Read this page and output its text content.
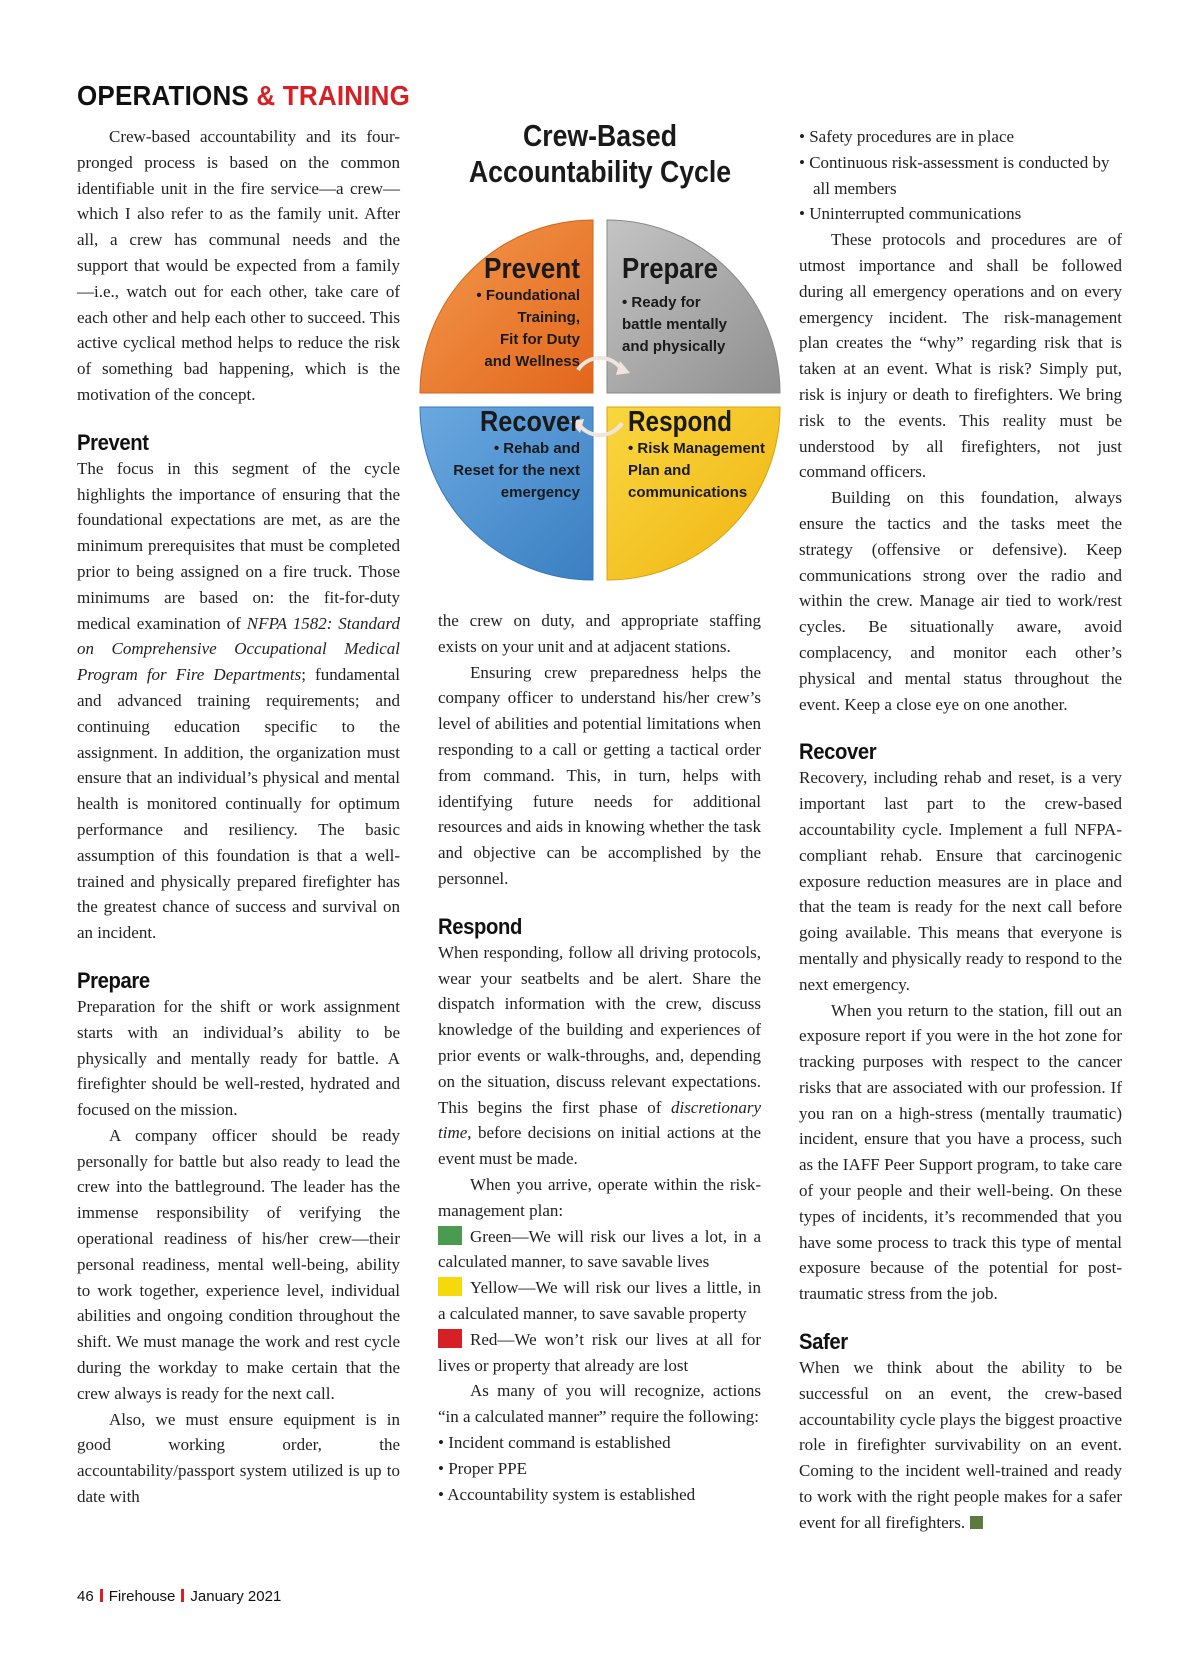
OPERATIONS & TRAINING
Crew-Based
Accountability Cycle
Prevent
• Foundational
Training,
Fit for Duty
and Wellness
Prepare
• Ready for
battle mentally
and physically
Recover
• Rehab and
Reset for the next
emergency
Respond
• Risk Management
Plan and
communications

Crew-based accountability and its four-pronged process is based on the common identifiable unit in the fire service—a crew—which I also refer to as the family unit. After all, a crew has communal needs and the support that would be expected from a family—i.e., watch out for each other, take care of each other and help each other to succeed. This active cyclical method helps to reduce the risk of something bad happening, which is the motivation of the concept.

Prevent

The focus in this segment of the cycle highlights the importance of ensuring that the foundational expectations are met, as are the minimum prerequisites that must be completed prior to being assigned on a fire truck. Those minimums are based on: the fit-for-duty medical examination of NFPA 1582: Standard on Comprehensive Occupational Medical Program for Fire Departments; fundamental and advanced training requirements; and continuing education specific to the assignment. In addition, the organization must ensure that an individual’s physical and mental health is monitored continually for optimum performance and resiliency. The basic assumption of this foundation is that a well-trained and physically prepared firefighter has the greatest chance of success and survival on an incident.

Prepare

Preparation for the shift or work assignment starts with an individual’s ability to be physically and mentally ready for battle. A firefighter should be well-rested, hydrated and focused on the mission.

A company officer should be ready personally for battle but also ready to lead the crew into the battleground. The leader has the immense responsibility of verifying the operational readiness of his/her crew—their personal readiness, mental well-being, ability to work together, experience level, individual abilities and ongoing condition throughout the shift. We must manage the work and rest cycle during the workday to make certain that the crew always is ready for the next call.

Also, we must ensure equipment is in good working order, the accountability/passport system utilized is up to date with

the crew on duty, and appropriate staffing exists on your unit and at adjacent stations.

Ensuring crew preparedness helps the company officer to understand his/her crew’s level of abilities and potential limitations when responding to a call or getting a tactical order from command. This, in turn, helps with identifying future needs for additional resources and aids in knowing whether the task and objective can be accomplished by the personnel.

Respond

When responding, follow all driving protocols, wear your seatbelts and be alert. Share the dispatch information with the crew, discuss knowledge of the building and experiences of prior events or walk-throughs, and, depending on the situation, discuss relevant expectations. This begins the first phase of discretionary time, before decisions on initial actions at the event must be made.

When you arrive, operate within the risk-management plan:

Green—We will risk our lives a lot, in a calculated manner, to save savable lives

Yellow—We will risk our lives a little, in a calculated manner, to save savable property

Red—We won’t risk our lives at all for lives or property that already are lost

As many of you will recognize, actions “in a calculated manner” require the following:

• Incident command is established
• Proper PPE
• Accountability system is established
• Safety procedures are in place
• Continuous risk-assessment is conducted by all members
• Uninterrupted communications

These protocols and procedures are of utmost importance and shall be followed during all emergency operations and on every emergency incident. The risk-management plan creates the “why” regarding risk that is taken at an event. What is risk? Simply put, risk is injury or death to firefighters. We bring risk to the events. This reality must be understood by all firefighters, not just command officers.

Building on this foundation, always ensure the tactics and the tasks meet the strategy (offensive or defensive). Keep communications strong over the radio and within the crew. Manage air tied to work/rest cycles. Be situationally aware, avoid complacency, and monitor each other’s physical and mental status throughout the event. Keep a close eye on one another.

Recover

Recovery, including rehab and reset, is a very important last part to the crew-based accountability cycle. Implement a full NFPA-compliant rehab. Ensure that carcinogenic exposure reduction measures are in place and that the team is ready for the next call before going available. This means that everyone is mentally and physically ready to respond to the next emergency.

When you return to the station, fill out an exposure report if you were in the hot zone for tracking purposes with respect to the cancer risks that are associated with our profession. If you ran on a high-stress (mentally traumatic) incident, ensure that you have a process, such as the IAFF Peer Support program, to take care of your people and their well-being. On these types of incidents, it’s recommended that you have some process to track this type of mental exposure because of the potential for post-traumatic stress from the job.

Safer

When we think about the ability to be successful on an event, the crew-based accountability cycle plays the biggest proactive role in firefighter survivability on an event. Coming to the incident well-trained and ready to work with the right people makes for a safer event for all firefighters.

46 Firehouse January 2021
